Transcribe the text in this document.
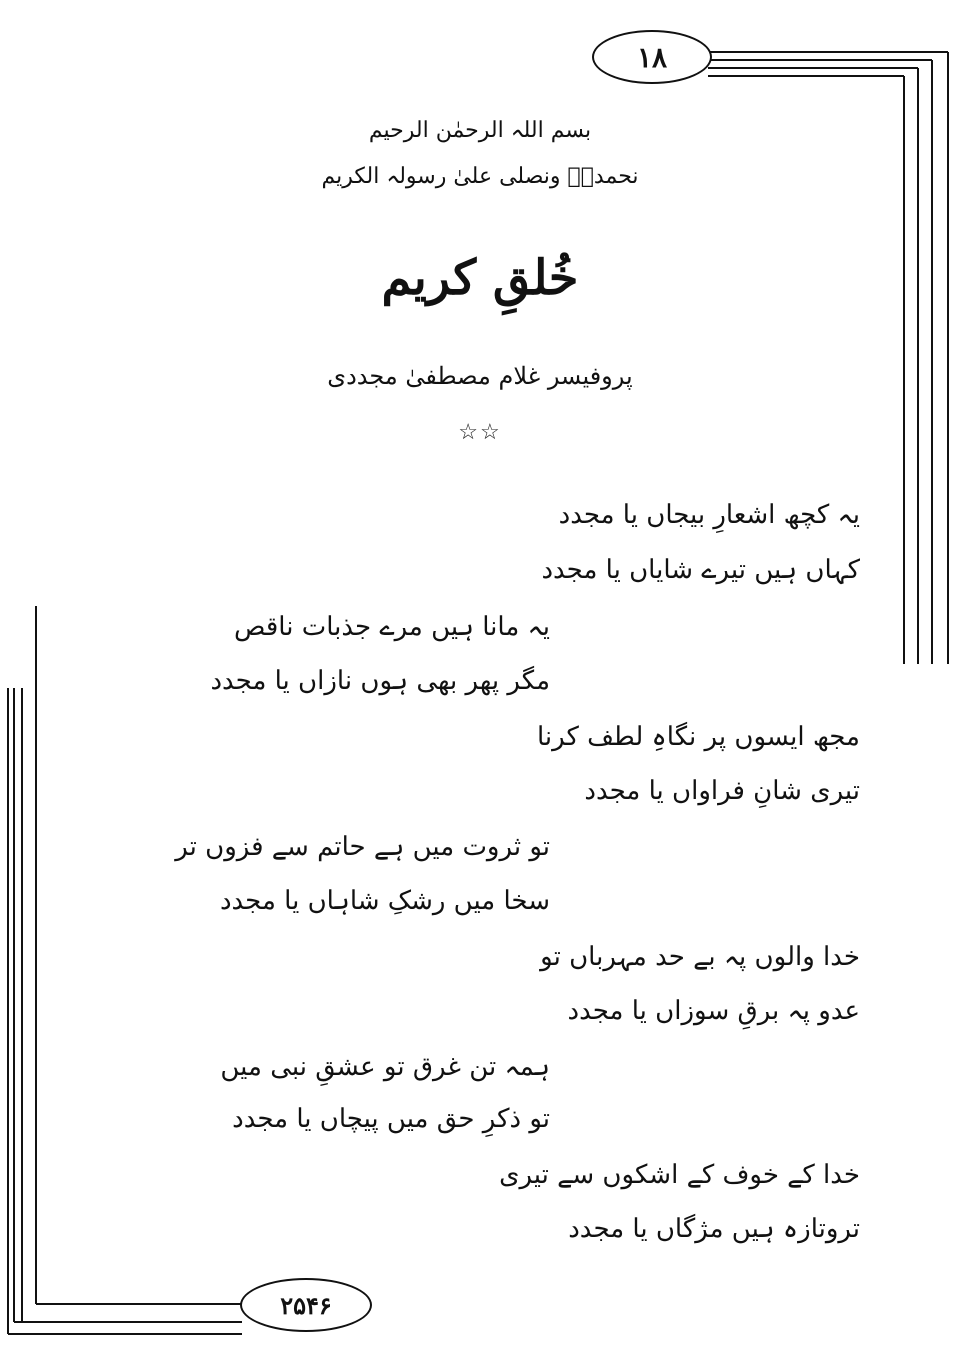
۱۸
بسم اللہ الرحمٰن الرحیم
نحمدہٗ ونصلی علیٰ رسولہ الکریم
خُلقِ کریم
پروفیسر غلام مصطفیٰ مجددی
☆☆
یہ کچھ اشعارِ بیجاں یا مجدد
کہاں ہیں تیرے شایاں یا مجدد
یہ مانا ہیں مرے جذبات ناقص
مگر پھر بھی ہوں نازاں یا مجدد
مجھ ایسوں پر نگاہِ لطف کرنا
تیری شانِ فراواں یا مجدد
تو ثروت میں ہے حاتم سے فزوں تر
سخا میں رشکِ شاہاں یا مجدد
خدا والوں پہ بے حد مہرباں تو
عدو پہ برقِ سوزاں یا مجدد
ہمہ تن غرق تو عشقِ نبی میں
تو ذکرِ حق میں پیچاں یا مجدد
خدا کے خوف کے اشکوں سے تیری
تروتازہ ہیں مژگاں یا مجدد
۲۵۴۶
